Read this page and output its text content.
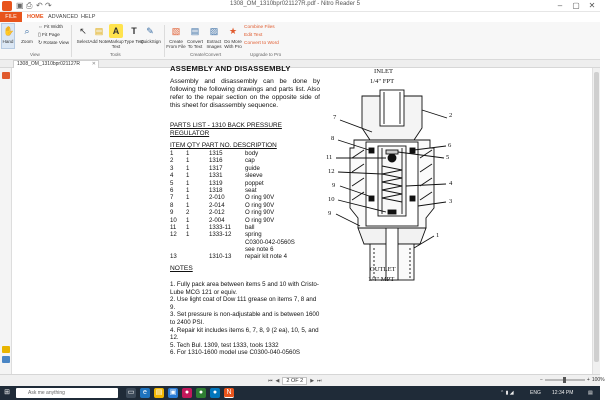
▣ ⎙ ↶ ↷	1308_OM_1310bpr021127R.pdf - Nitro Reader 5	–	▢	✕
FILE	HOME ADVANCED HELP
✋
Hand
⌕
Zoom
⇔ Fit Width
▯ Fit Page
↻ Rotate View
View
↖
Select
▤
Add Note
A
Markup Text
T
Type Text
✎
QuickSign
Tools
▧
Create From File
▤
Convert To Text
▨
Extract Images
★
Do More With Pro
Create/Convert
Combine Files
Edit Text
Convert to Word
Upgrade to Pro
1308_OM_1310bpr021127R ✕	ASSEMBLY AND DISASSEMBLY
Assembly and disassembly can be done by following the following drawings and parts list. Also refer to the repair section on the opposite side of this sheet for disassembly sequence.
PARTS LIST - 1310 BACK PRESSURE REGULATOR
ITEM QTY PART NO. DESCRIPTION
1 1	1315	body
2 1	1316	cap
3 1	1317	guide
4 1	1331	sleeve
5 1	1319	poppet
6 1	1318	seat
7 1	2-010	O ring 90V
8 1	2-014	O ring 90V
9 2	2-012	O ring 90V
10 1	2-004	O ring 90V
11 1	1333-11 ball
12 1	1333-12 spring
C0300-042-0560S
see note 6
13	1310-13 repair kit note 4
NOTES
1. Fully pack area between items 5 and 10 with Cristo-Lube MCG 121 or equiv.
2. Use light coat of Dow 111 grease on items 7, 8 and 9.
3. Set pressure is non-adjustable and is between 1600 to 2400 PSI.
4. Repair kit includes items 6, 7, 8, 9 (2 ea), 10, 5, and 12.
5. Tech Bul. 1309, test 1333, tools 1332
6. For 1310-1600 model use C0300-040-0560S
INLET
1/4" FPT
7	2
8
6
11	5
12
4
9
10	3
9
1
OUTLET
1/4" MPT
⏮ ◀	2 OF 2	▶ ⏭	−	+ 100%
⊞	Ask me anything	▭	e	▤ ▣	●	●	●	N	⌃ ▮ ◢	ENG 12:34 PM	▤
